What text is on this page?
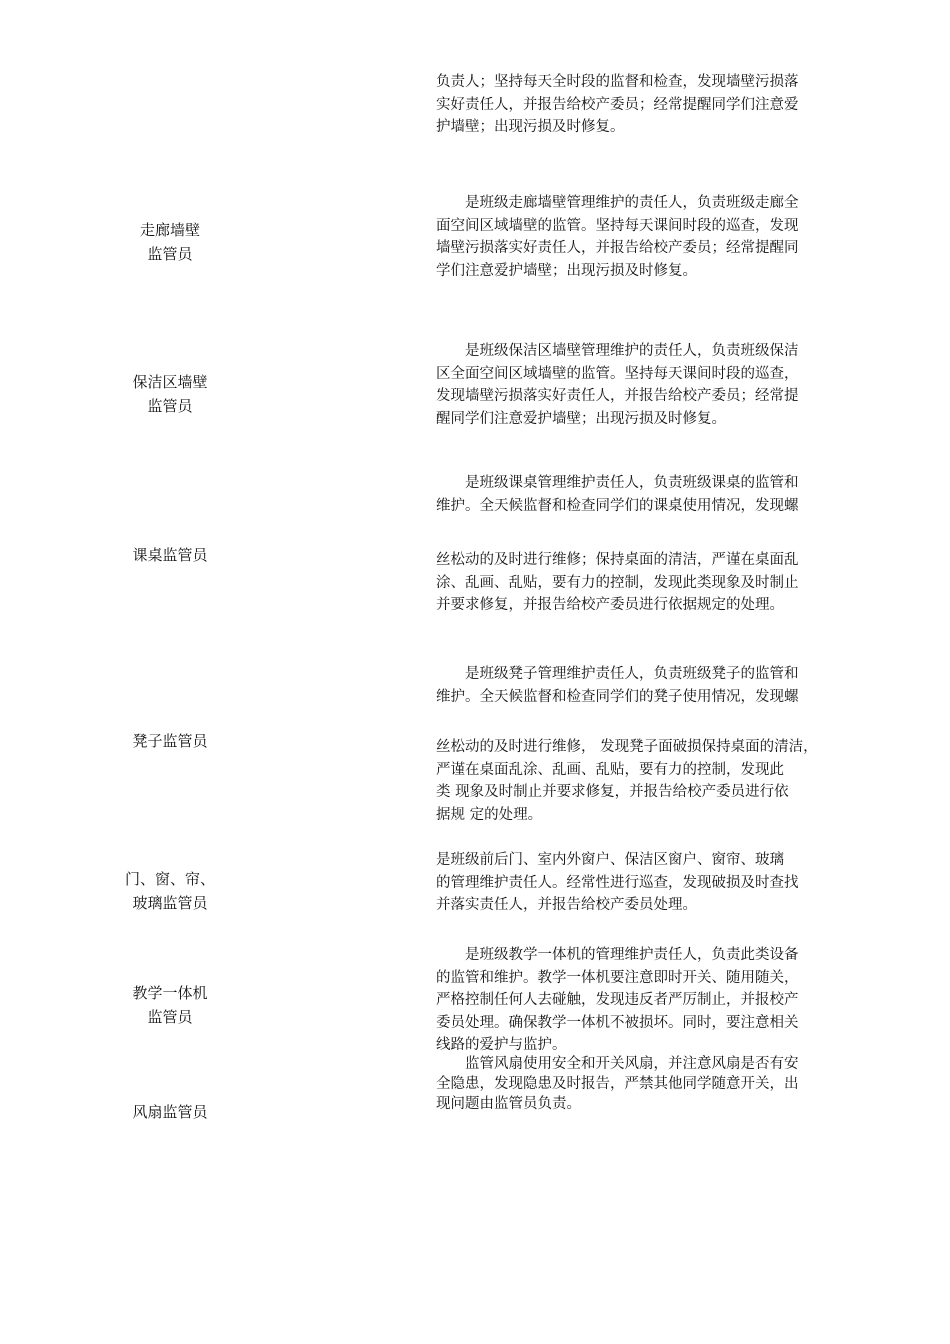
负责人；坚持每天全时段的监督和检查，发现墙壁污损落
实好责任人，并报告给校产委员；经常提醒同学们注意爱
护墙壁；出现污损及时修复。
走廊墙壁
监管员
　　是班级走廊墙壁管理维护的责任人，负责班级走廊全
面空间区域墙壁的监管。坚持每天课间时段的巡查，发现
墙壁污损落实好责任人，并报告给校产委员；经常提醒同
学们注意爱护墙壁；出现污损及时修复。
保洁区墙壁
监管员
　　是班级保洁区墙壁管理维护的责任人，负责班级保洁
区全面空间区域墙壁的监管。坚持每天课间时段的巡查，
发现墙壁污损落实好责任人，并报告给校产委员；经常提
醒同学们注意爱护墙壁；出现污损及时修复。
课桌监管员
　　是班级课桌管理维护责任人，负责班级课桌的监管和
维护。全天候监督和检查同学们的课桌使用情况，发现螺
丝松动的及时进行维修；保持桌面的清洁，严谨在桌面乱
涂、乱画、乱贴，要有力的控制，发现此类现象及时制止
并要求修复，并报告给校产委员进行依据规定的处理。
凳子监管员
　　是班级凳子管理维护责任人，负责班级凳子的监管和
维护。全天候监督和检查同学们的凳子使用情况，发现螺
丝松动的及时进行维修， 发现凳子面破损保持桌面的清洁，
严谨在桌面乱涂、乱画、乱贴，要有力的控制，发现此
类 现象及时制止并要求修复，并报告给校产委员进行依
据规 定的处理。
门、窗、帘、
玻璃监管员
是班级前后门、室内外窗户、保洁区窗户、窗帘、玻璃
的管理维护责任人。经常性进行巡查，发现破损及时查找
并落实责任人，并报告给校产委员处理。
教学一体机
监管员
　　是班级教学一体机的管理维护责任人，负责此类设备
的监管和维护。教学一体机要注意即时开关、随用随关，
严格控制任何人去碰触，发现违反者严厉制止，并报校产
委员处理。确保教学一体机不被损坏。同时，要注意相关
线路的爱护与监护。
风扇监管员
　　监管风扇使用安全和开关风扇，并注意风扇是否有安
全隐患，发现隐患及时报告，严禁其他同学随意开关，出
现问题由监管员负责。
